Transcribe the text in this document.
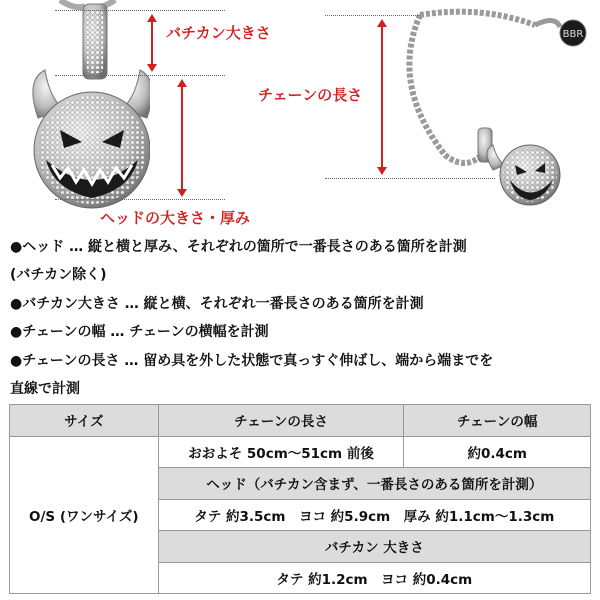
BBR
バチカン大きさ
ヘッドの大きさ・厚み
チェーンの長さ
●ヘッド … 縦と横と厚み、それぞれの箇所で一番長さのある箇所を計測
(バチカン除く)
●バチカン大きさ … 縦と横、それぞれ一番長さのある箇所を計測
●チェーンの幅 … チェーンの横幅を計測
●チェーンの長さ … 留め具を外した状態で真っすぐ伸ばし、端から端までを
直線で計測
サイズ	チェーンの長さ	チェーンの幅
O/S (ワンサイズ)	おおよそ 50cm〜51cm 前後	約0.4cm
	ヘッド（バチカン含まず、一番長さのある箇所を計測）	
	タテ 約3.5cm　ヨコ 約5.9cm　厚み 約1.1cm〜1.3cm	
	バチカン 大きさ	
	タテ 約1.2cm　ヨコ 約0.4cm	
